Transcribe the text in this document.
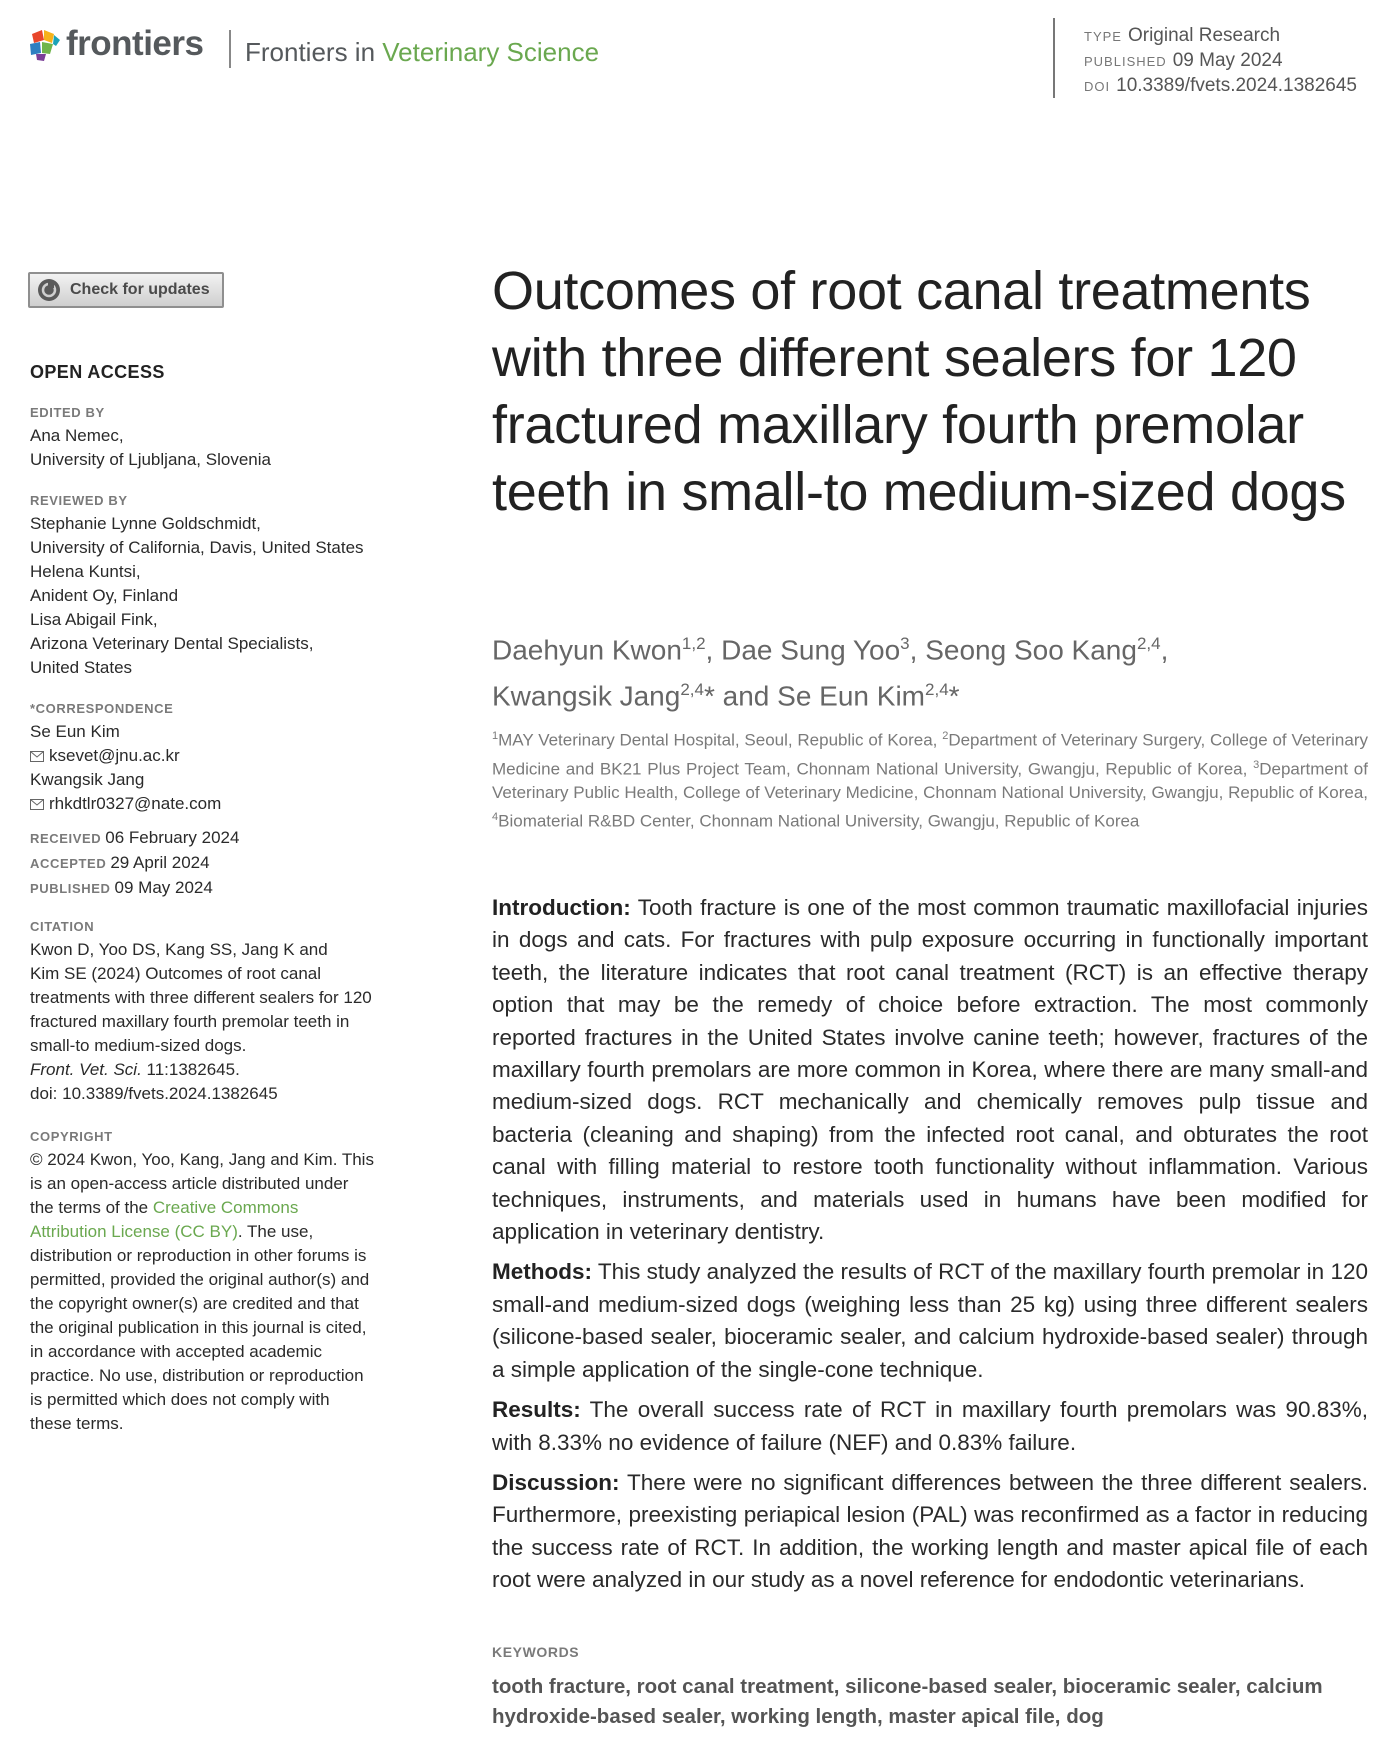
frontiers Frontiers in Veterinary Science
TYPE Original Research
PUBLISHED 09 May 2024
DOI 10.3389/fvets.2024.1382645
Check for updates
OPEN ACCESS
EDITED BY
Ana Nemec,
University of Ljubljana, Slovenia
REVIEWED BY
Stephanie Lynne Goldschmidt,
University of California, Davis, United States
Helena Kuntsi,
Anident Oy, Finland
Lisa Abigail Fink,
Arizona Veterinary Dental Specialists,
United States
*CORRESPONDENCE
Se Eun Kim
ksevet@jnu.ac.kr
Kwangsik Jang
rhkdtlr0327@nate.com
RECEIVED 06 February 2024
ACCEPTED 29 April 2024
PUBLISHED 09 May 2024
CITATION
Kwon D, Yoo DS, Kang SS, Jang K and
Kim SE (2024) Outcomes of root canal
treatments with three different sealers for 120
fractured maxillary fourth premolar teeth in
small-to medium-sized dogs.
Front. Vet. Sci. 11:1382645.
doi: 10.3389/fvets.2024.1382645
COPYRIGHT
© 2024 Kwon, Yoo, Kang, Jang and Kim. This
is an open-access article distributed under
the terms of the Creative Commons
Attribution License (CC BY). The use,
distribution or reproduction in other forums is
permitted, provided the original author(s) and
the copyright owner(s) are credited and that
the original publication in this journal is cited,
in accordance with accepted academic
practice. No use, distribution or reproduction
is permitted which does not comply with
these terms.
Outcomes of root canal treatments with three different sealers for 120 fractured maxillary fourth premolar teeth in small-to medium-sized dogs
Daehyun Kwon$^{1,2}$, Dae Sung Yoo$^3$, Seong Soo Kang$^{2,4}$,
Kwangsik Jang$^{2,4}$* and Se Eun Kim$^{2,4}$*
$^1$MAY Veterinary Dental Hospital, Seoul, Republic of Korea, $^2$Department of Veterinary Surgery, College of Veterinary Medicine and BK21 Plus Project Team, Chonnam National University, Gwangju, Republic of Korea, $^3$Department of Veterinary Public Health, College of Veterinary Medicine, Chonnam National University, Gwangju, Republic of Korea, $^4$Biomaterial R&BD Center, Chonnam National University, Gwangju, Republic of Korea

Introduction: Tooth fracture is one of the most common traumatic maxillofacial injuries in dogs and cats. For fractures with pulp exposure occurring in functionally important teeth, the literature indicates that root canal treatment (RCT) is an effective therapy option that may be the remedy of choice before extraction. The most commonly reported fractures in the United States involve canine teeth; however, fractures of the maxillary fourth premolars are more common in Korea, where there are many small-and medium-sized dogs. RCT mechanically and chemically removes pulp tissue and bacteria (cleaning and shaping) from the infected root canal, and obturates the root canal with filling material to restore tooth functionality without inflammation. Various techniques, instruments, and materials used in humans have been modified for application in veterinary dentistry.

Methods: This study analyzed the results of RCT of the maxillary fourth premolar in 120 small-and medium-sized dogs (weighing less than 25 kg) using three different sealers (silicone-based sealer, bioceramic sealer, and calcium hydroxide-based sealer) through a simple application of the single-cone technique.

Results: The overall success rate of RCT in maxillary fourth premolars was 90.83%, with 8.33% no evidence of failure (NEF) and 0.83% failure.

Discussion: There were no significant differences between the three different sealers. Furthermore, preexisting periapical lesion (PAL) was reconfirmed as a factor in reducing the success rate of RCT. In addition, the working length and master apical file of each root were analyzed in our study as a novel reference for endodontic veterinarians.

KEYWORDS
tooth fracture, root canal treatment, silicone-based sealer, bioceramic sealer, calcium hydroxide-based sealer, working length, master apical file, dog
